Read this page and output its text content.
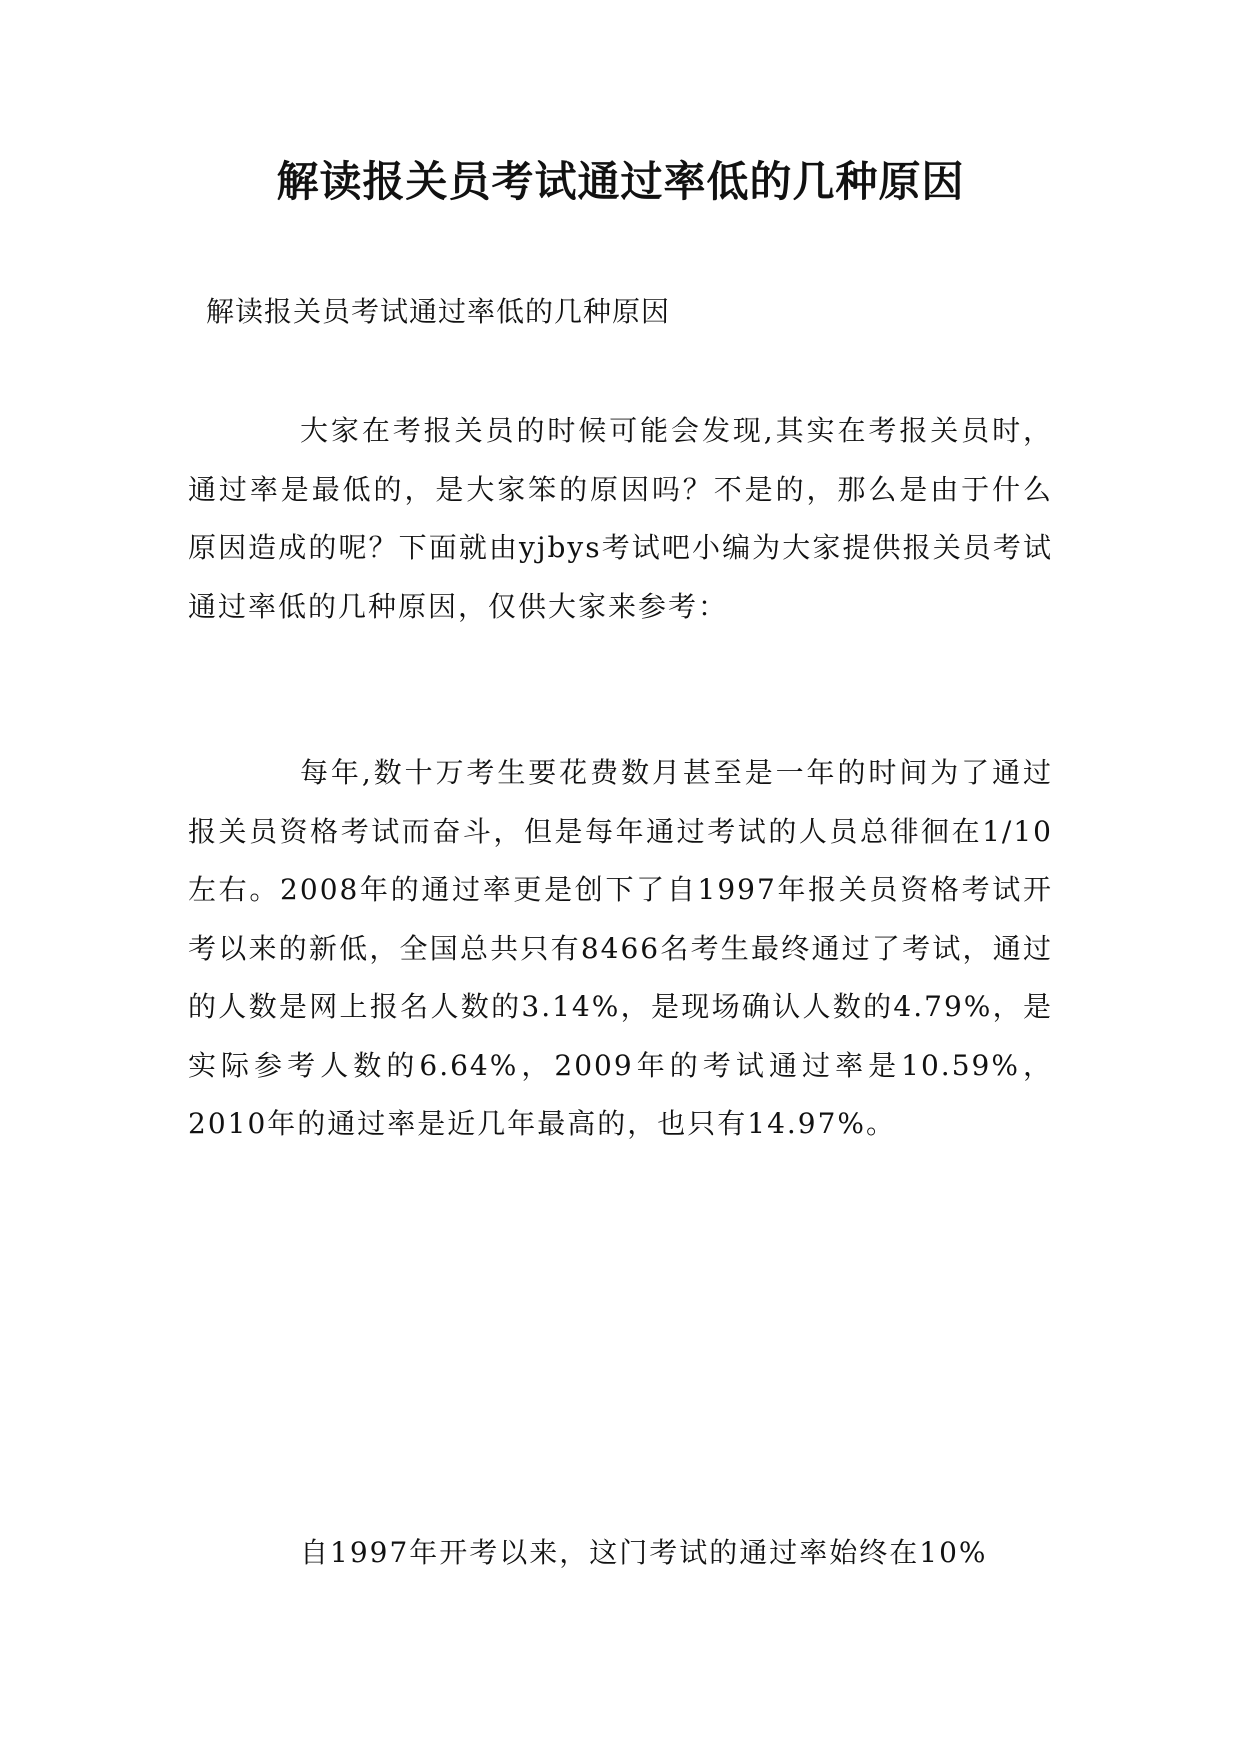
解读报关员考试通过率低的几种原因

解读报关员考试通过率低的几种原因

大家在考报关员的时候可能会发现,其实在考报关员时，通过率是最低的，是大家笨的原因吗？不是的，那么是由于什么原因造成的呢？下面就由yjbys考试吧小编为大家提供报关员考试通过率低的几种原因，仅供大家来参考：

每年,数十万考生要花费数月甚至是一年的时间为了通过报关员资格考试而奋斗，但是每年通过考试的人员总徘徊在1/10左右。2008年的通过率更是创下了自1997年报关员资格考试开考以来的新低，全国总共只有8466名考生最终通过了考试，通过的人数是网上报名人数的3.14%，是现场确认人数的4.79%，是实际参考人数的6.64%，2009年的考试通过率是10.59%，2010年的通过率是近几年最高的，也只有14.97%。

自1997年开考以来，这门考试的通过率始终在10%
